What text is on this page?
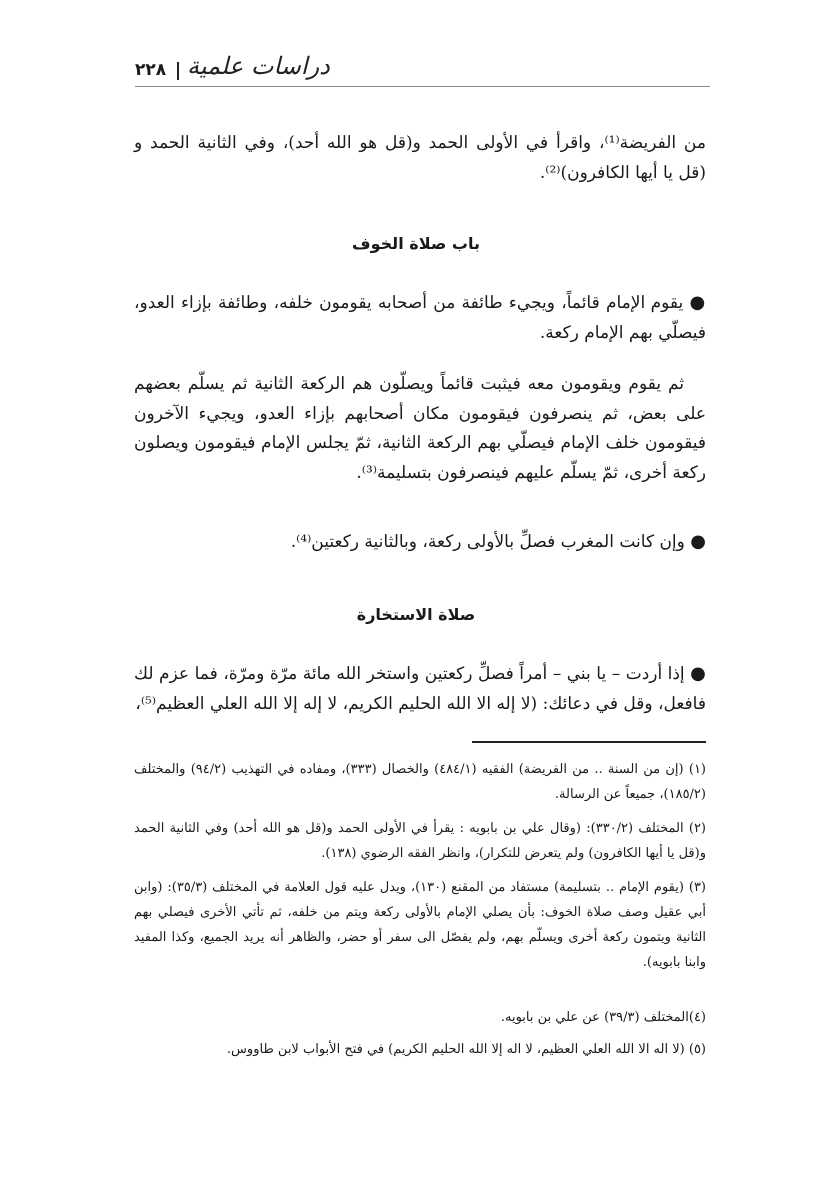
٢٢٨ دراسات علمية
من الفريضة⁽¹⁾، واقرأ في الأولى الحمد و(قل هو الله أحد)، وفي الثانية الحمد و (قل يا أيها الكافرون)⁽²⁾.
باب صلاة الخوف
● يقوم الإمام قائماً، ويجيء طائفة من أصحابه يقومون خلفه، وطائفة بإزاء العدو، فيصلّي بهم الإمام ركعة.
ثم يقوم ويقومون معه فيثبت قائماً ويصلّون هم الركعة الثانية ثم يسلّم بعضهم على بعض، ثم ينصرفون فيقومون مكان أصحابهم بإزاء العدو، ويجيء الآخرون فيقومون خلف الإمام فيصلّي بهم الركعة الثانية، ثمّ يجلس الإمام فيقومون ويصلون ركعة أخرى، ثمّ يسلّم عليهم فينصرفون بتسليمة⁽³⁾.
● وإن كانت المغرب فصلِّ بالأولى ركعة، وبالثانية ركعتين⁽⁴⁾.
صلاة الاستخارة
● إذا أردت – يا بني – أمراً فصلِّ ركعتين واستخر الله مائة مرّة ومرّة، فما عزم لك فافعل، وقل في دعائك: (لا إله الا الله الحليم الكريم، لا إله إلا الله العلي العظيم⁽⁵⁾،
(١) (إن من السنة .. من الفريضة) الفقيه (٤٨٤/١) والخصال (٣٣٣)، ومفاده في التهذيب (٩٤/٢) والمختلف (١٨٥/٢)، جميعاً عن الرسالة.
(٢) المختلف (٣٣٠/٢): (وقال علي بن بابويه : يقرأ في الأولى الحمد و(قل هو الله أحد) وفي الثانية الحمد و(قل يا أيها الكافرون) ولم يتعرض للتكرار)، وانظر الفقه الرضوي (١٣٨).
(٣) (يقوم الإمام .. بتسليمة) مستفاد من المقنع (١٣٠)، ويدل عليه قول العلامة في المختلف (٣٥/٣): (وابن أبي عقيل وصف صلاة الخوف: بأن يصلي الإمام بالأولى ركعة ويتم من خلفه، ثم تأتي الأخرى فيصلي بهم الثانية ويتمون ركعة أخرى ويسلّم بهم، ولم يفصّل الى سفر أو حضر، والظاهر أنه يريد الجميع، وكذا المفيد وابنا بابويه).
(٤)المختلف (٣٩/٣) عن علي بن بابويه.
(٥) (لا اله الا الله العلي العظيم، لا اله إلا الله الحليم الكريم) في فتح الأبواب لابن طاووس.
